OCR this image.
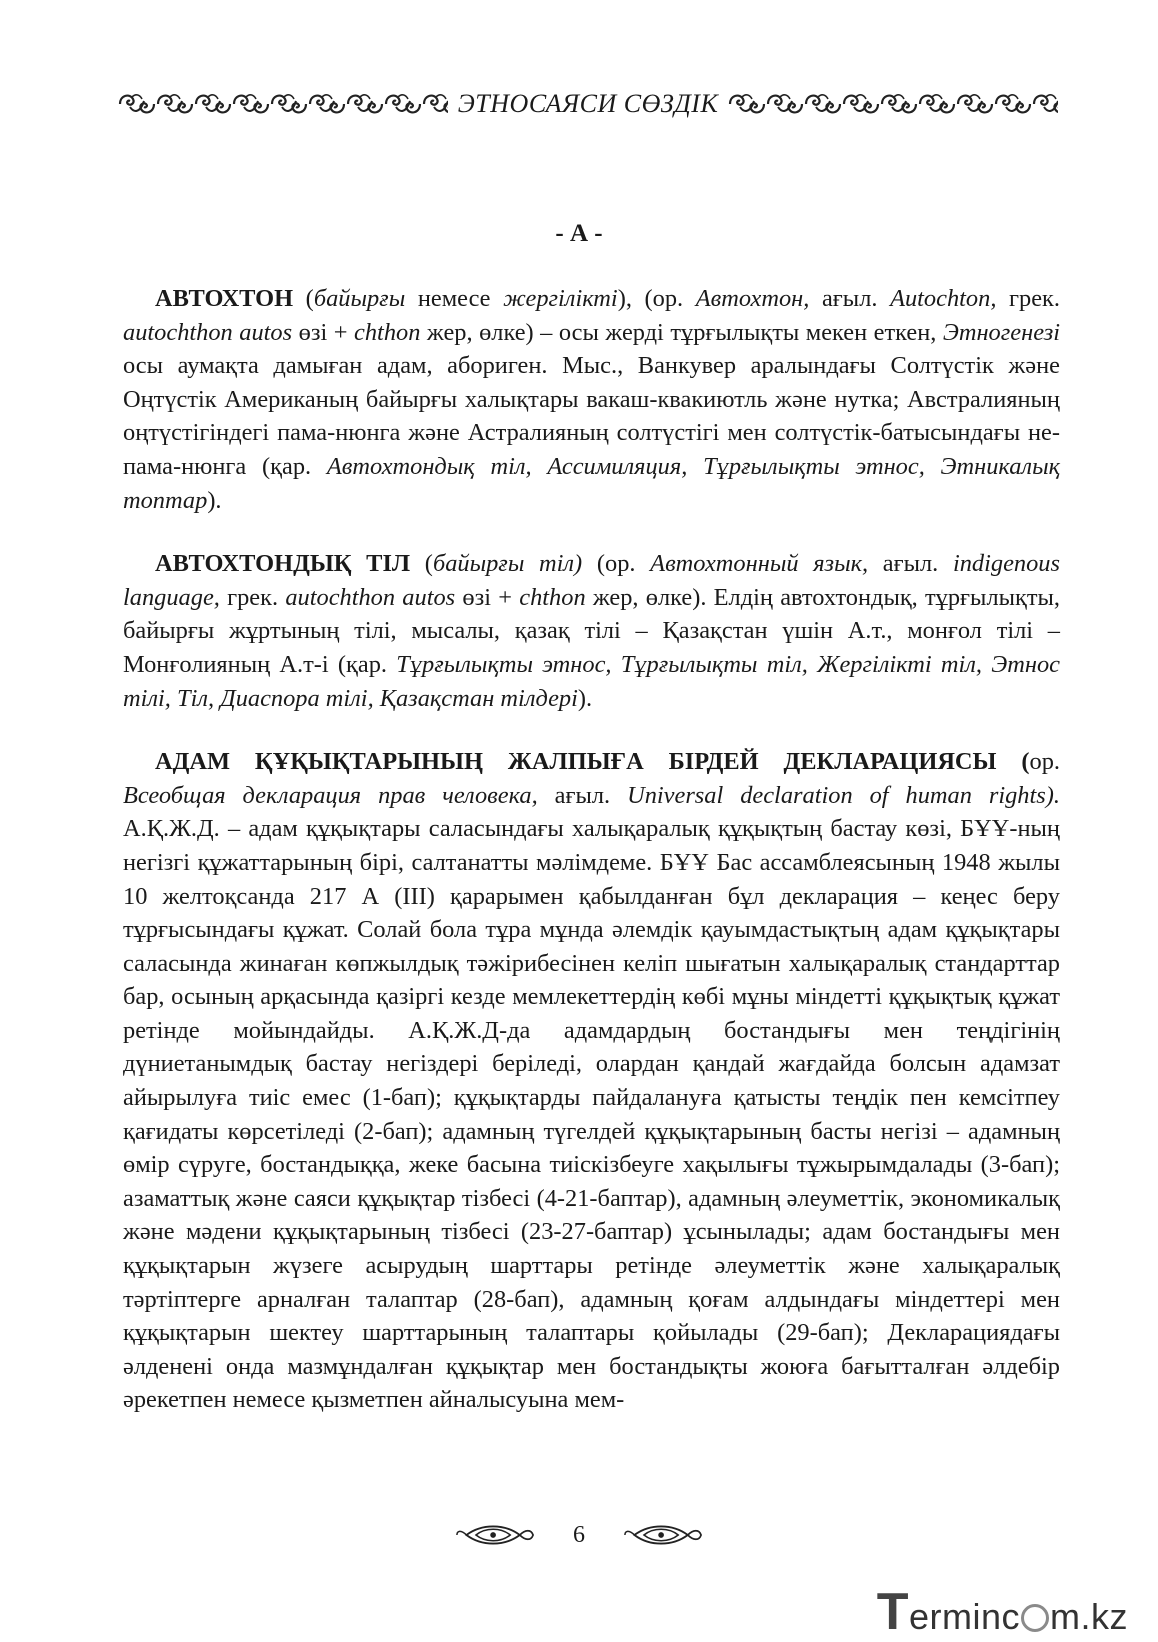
ЭТНОСАЯСИ СӨЗДІК
- А -

АВТОХТОН (байырғы немесе жергілікті), (ор. Автохтон, ағыл. Autochton, грек. autochthon autos өзі + chthon жер, өлке) – осы жерді тұрғылықты мекен еткен, Этногенезі осы аумақта дамыған адам, абориген. Мыс., Ванкувер аралындағы Солтүстік және Оңтүстік Американың байырғы халықтары вакаш-квакиютль және нутка; Австралияның оңтүстігіндегі пама-нюнга және Астралияның солтүстігі мен солтүстік-батысындағы не-пама-нюнга (қар. Автохтондық тіл, Ассимиляция, Тұрғылықты этнос, Этникалық топтар).

АВТОХТОНДЫҚ ТІЛ (байырғы тіл) (ор. Автохтонный язык, ағыл. indigenous language, грек. autochthon autos өзі + chthon жер, өлке). Елдің автохтондық, тұрғылықты, байырғы жұртының тілі, мысалы, қазақ тілі – Қазақстан үшін А.т., монғол тілі – Монғолияның А.т-і (қар. Тұрғылықты этнос, Тұрғылықты тіл, Жергілікті тіл, Этнос тілі, Тіл, Диаспора тілі, Қазақстан тілдері).

АДАМ ҚҰҚЫҚТАРЫНЫҢ ЖАЛПЫҒА БІРДЕЙ ДЕКЛАРАЦИЯСЫ (ор. Всеобщая декларация прав человека, ағыл. Universal declaration of human rights). А.Қ.Ж.Д. – адам құқықтары саласындағы халықаралық құқықтың бастау көзі, БҰҰ-ның негізгі құжаттарының бірі, салтанатты мәлімдеме. БҰҰ Бас ассамблеясының 1948 жылы 10 желтоқсанда 217 А (III) қарарымен қабылданған бұл декларация – кеңес беру тұрғысындағы құжат. Солай бола тұра мұнда әлемдік қауымдастықтың адам құқықтары саласында жинаған көпжылдық тәжірибесінен келіп шығатын халықаралық стандарттар бар, осының арқасында қазіргі кезде мемлекеттердің көбі мұны міндетті құқықтық құжат ретінде мойындайды. А.Қ.Ж.Д-да адамдардың бостандығы мен теңдігінің дүниетанымдық бастау негіздері беріледі, олардан қандай жағдайда болсын адамзат айырылуға тиіс емес (1-бап); құқықтарды пайдалануға қатысты теңдік пен кемсітпеу қағидаты көрсетіледі (2-бап); адамның түгелдей құқықтарының басты негізі – адамның өмір сүруге, бостандыққа, жеке басына тиіскізбеуге хақылығы тұжырымдалады (3-бап); азаматтық және саяси құқықтар тізбесі (4-21-баптар), адамның әлеуметтік, экономикалық және мәдени құқықтарының тізбесі (23-27-баптар) ұсынылады; адам бостандығы мен құқықтарын жүзеге асырудың шарттары ретінде әлеуметтік және халықаралық тәртіптерге арналған талаптар (28-бап), адамның қоғам алдындағы міндеттері мен құқықтарын шектеу шарттарының талаптары қойылады (29-бап); Декларациядағы әлденені онда мазмұндалған құқықтар мен бостандықты жоюға бағытталған әлдебір әрекетпен немесе қызметпен айналысуына мем-

6
T ermin c m.kz
